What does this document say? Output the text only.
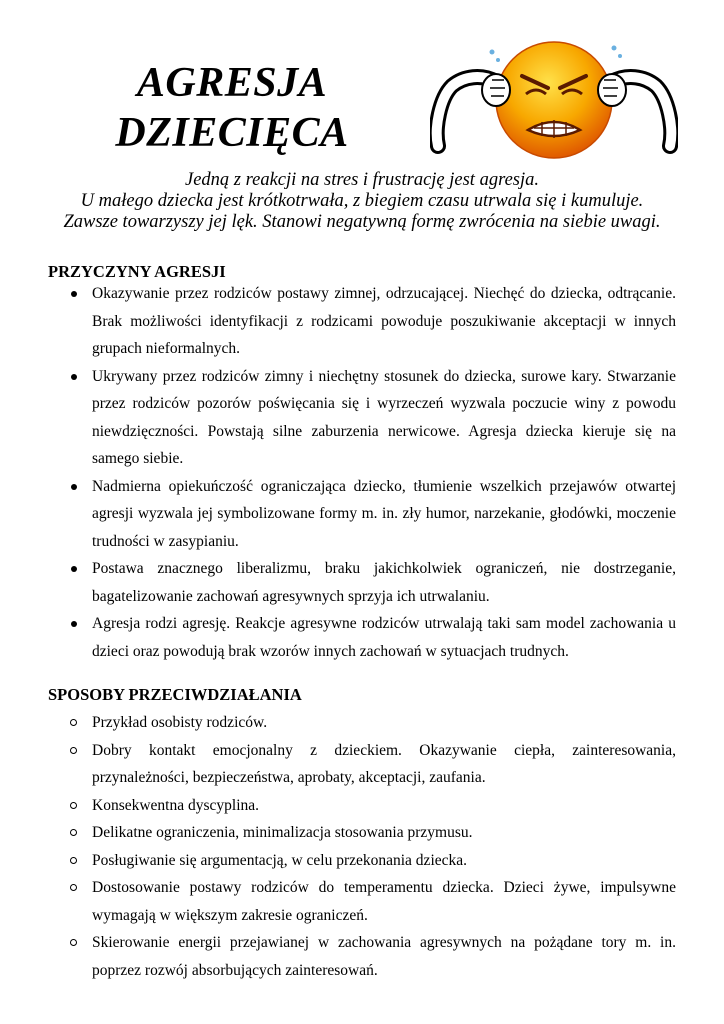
AGRESJA
DZIECIĘCA
Jedną z reakcji na stres i frustrację jest agresja.
U małego dziecka jest krótkotrwała, z biegiem czasu utrwala się i kumuluje.
Zawsze towarzyszy jej lęk. Stanowi negatywną formę zwrócenia na siebie uwagi.
PRZYCZYNY AGRESJI
Okazywanie przez rodziców postawy zimnej, odrzucającej. Niechęć do dziecka, odtrącanie. Brak możliwości identyfikacji z rodzicami powoduje poszukiwanie akceptacji w innych grupach nieformalnych.
Ukrywany przez rodziców zimny i niechętny stosunek do dziecka, surowe kary. Stwarzanie przez rodziców pozorów poświęcania się i wyrzeczeń wyzwala poczucie winy z powodu niewdzięczności. Powstają silne zaburzenia nerwicowe. Agresja dziecka kieruje się na samego siebie.
Nadmierna opiekuńczość ograniczająca dziecko, tłumienie wszelkich przejawów otwartej agresji wyzwala jej symbolizowane formy m. in. zły humor, narzekanie, głodówki, moczenie trudności w zasypianiu.
Postawa znacznego liberalizmu, braku jakichkolwiek ograniczeń, nie dostrzeganie, bagatelizowanie zachowań agresywnych sprzyja ich utrwalaniu.
Agresja rodzi agresję. Reakcje agresywne rodziców utrwalają taki sam model zachowania u dzieci oraz powodują brak wzorów innych zachowań w sytuacjach trudnych.
SPOSOBY PRZECIWDZIAŁANIA
Przykład osobisty rodziców.
Dobry kontakt emocjonalny z dzieckiem. Okazywanie ciepła, zainteresowania, przynależności, bezpieczeństwa, aprobaty, akceptacji, zaufania.
Konsekwentna dyscyplina.
Delikatne ograniczenia, minimalizacja stosowania przymusu.
Posługiwanie się argumentacją, w celu przekonania dziecka.
Dostosowanie postawy rodziców do temperamentu dziecka. Dzieci żywe, impulsywne wymagają w większym zakresie ograniczeń.
Skierowanie energii przejawianej w zachowania agresywnych na pożądane tory m. in. poprzez rozwój absorbujących zainteresowań.
